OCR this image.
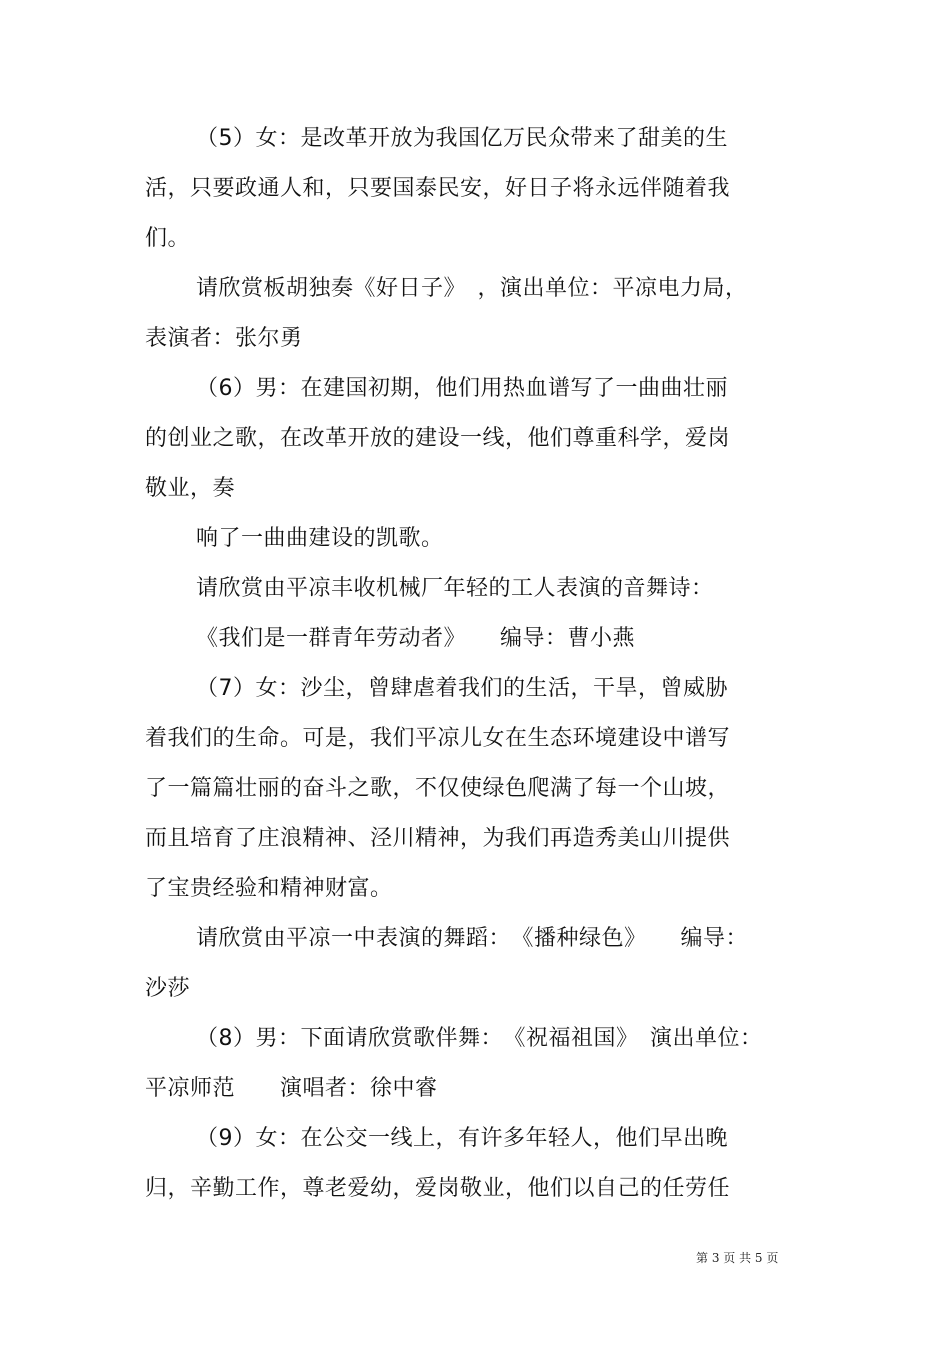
（5）女：是改革开放为我国亿万民众带来了甜美的生
活，只要政通人和，只要国泰民安，好日子将永远伴随着我
们。
请欣赏板胡独奏《好日子》　，演出单位：平凉电力局，
表演者：张尔勇
（6）男：在建国初期，他们用热血谱写了一曲曲壮丽
的创业之歌，在改革开放的建设一线，他们尊重科学，爱岗
敬业，奏
响了一曲曲建设的凯歌。
请欣赏由平凉丰收机械厂年轻的工人表演的音舞诗：
《我们是一群青年劳动者》　　编导：曹小燕
（7）女：沙尘，曾肆虐着我们的生活，干旱，曾威胁
着我们的生命。可是，我们平凉儿女在生态环境建设中谱写
了一篇篇壮丽的奋斗之歌，不仅使绿色爬满了每一个山坡，
而且培育了庄浪精神、泾川精神，为我们再造秀美山川提供
了宝贵经验和精神财富。
请欣赏由平凉一中表演的舞蹈：　《播种绿色》　　编导：
沙莎
（8）男：下面请欣赏歌伴舞：　《祝福祖国》　演出单位：
平凉师范　　演唱者：徐中睿
（9）女：在公交一线上，有许多年轻人，他们早出晚
归，辛勤工作，尊老爱幼，爱岗敬业，他们以自己的任劳任
第 3 页 共 5 页
